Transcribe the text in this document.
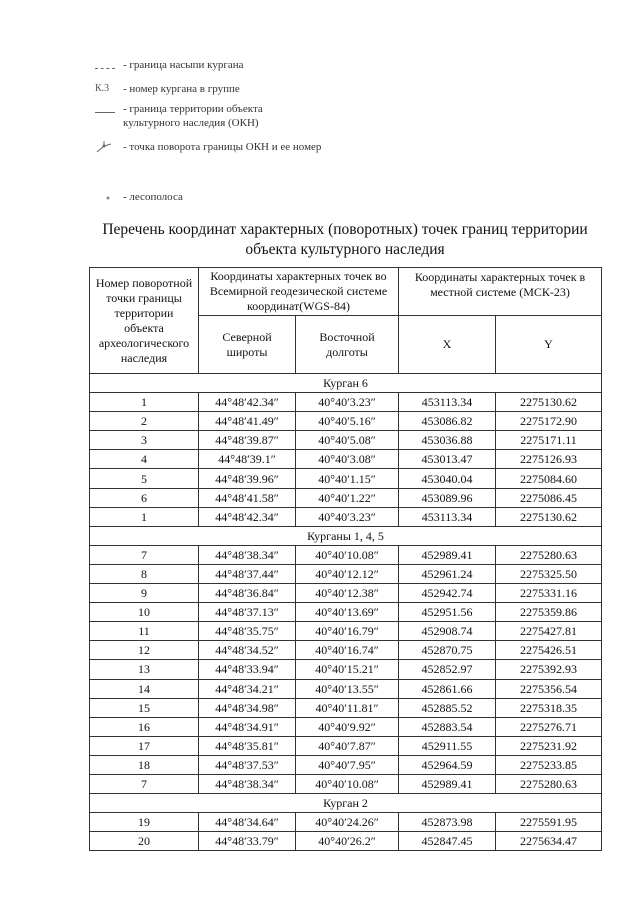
- граница насыпи кургана
К.3	- номер кургана в группе
- граница территории объекта
культурного наследия (ОКН)
- точка поворота границы ОКН и ее номер
- лесополоса
Перечень координат характерных (поворотных) точек границ территории
объекта культурного наследия
Номер поворотной точки границы территории объекта археологического наследия	Координаты характерных точек во Всемирной геодезической системе координат(WGS-84)		Координаты характерных точек в местной системе (МСК-23)	
	Северной широты	Восточной долготы	X	Y
Курган 6				
1	44°48′42.34″	40°40′3.23″	453113.34	2275130.62
2	44°48′41.49″	40°40′5.16″	453086.82	2275172.90
3	44°48′39.87″	40°40′5.08″	453036.88	2275171.11
4	44°48′39.1″	40°40′3.08″	453013.47	2275126.93
5	44°48′39.96″	40°40′1.15″	453040.04	2275084.60
6	44°48′41.58″	40°40′1.22″	453089.96	2275086.45
1	44°48′42.34″	40°40′3.23″	453113.34	2275130.62
Курганы 1, 4, 5				
7	44°48′38.34″	40°40′10.08″	452989.41	2275280.63
8	44°48′37.44″	40°40′12.12″	452961.24	2275325.50
9	44°48′36.84″	40°40′12.38″	452942.74	2275331.16
10	44°48′37.13″	40°40′13.69″	452951.56	2275359.86
11	44°48′35.75″	40°40′16.79″	452908.74	2275427.81
12	44°48′34.52″	40°40′16.74″	452870.75	2275426.51
13	44°48′33.94″	40°40′15.21″	452852.97	2275392.93
14	44°48′34.21″	40°40′13.55″	452861.66	2275356.54
15	44°48′34.98″	40°40′11.81″	452885.52	2275318.35
16	44°48′34.91″	40°40′9.92″	452883.54	2275276.71
17	44°48′35.81″	40°40′7.87″	452911.55	2275231.92
18	44°48′37.53″	40°40′7.95″	452964.59	2275233.85
7	44°48′38.34″	40°40′10.08″	452989.41	2275280.63
Курган 2				
19	44°48′34.64″	40°40′24.26″	452873.98	2275591.95
20	44°48′33.79″	40°40′26.2″	452847.45	2275634.47
